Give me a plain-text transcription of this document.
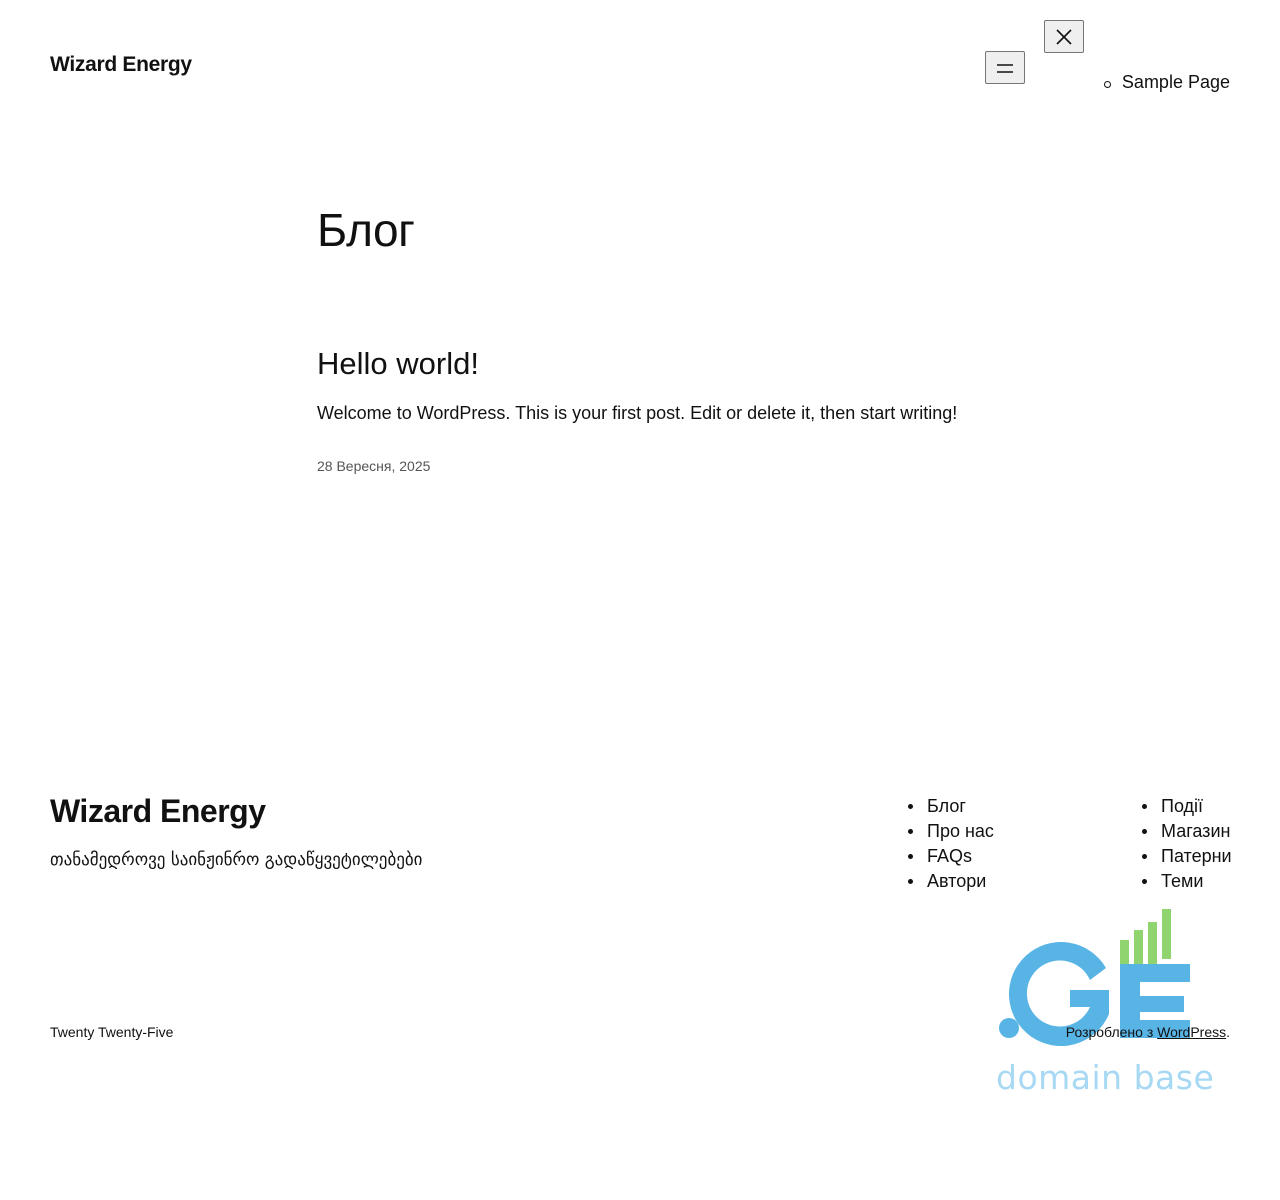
Wizard Energy
Sample Page
Блог
Hello world!

Welcome to WordPress. This is your first post. Edit or delete it, then start writing!

28 Вересня, 2025
Wizard Energy
თანამედროვე საინჟინრო გადაწყვეტილებები
Блог
Про нас
FAQs
Автори
Події
Магазин
Патерни
Теми
domain base
Twenty Twenty-Five	Розроблено з WordPress.
